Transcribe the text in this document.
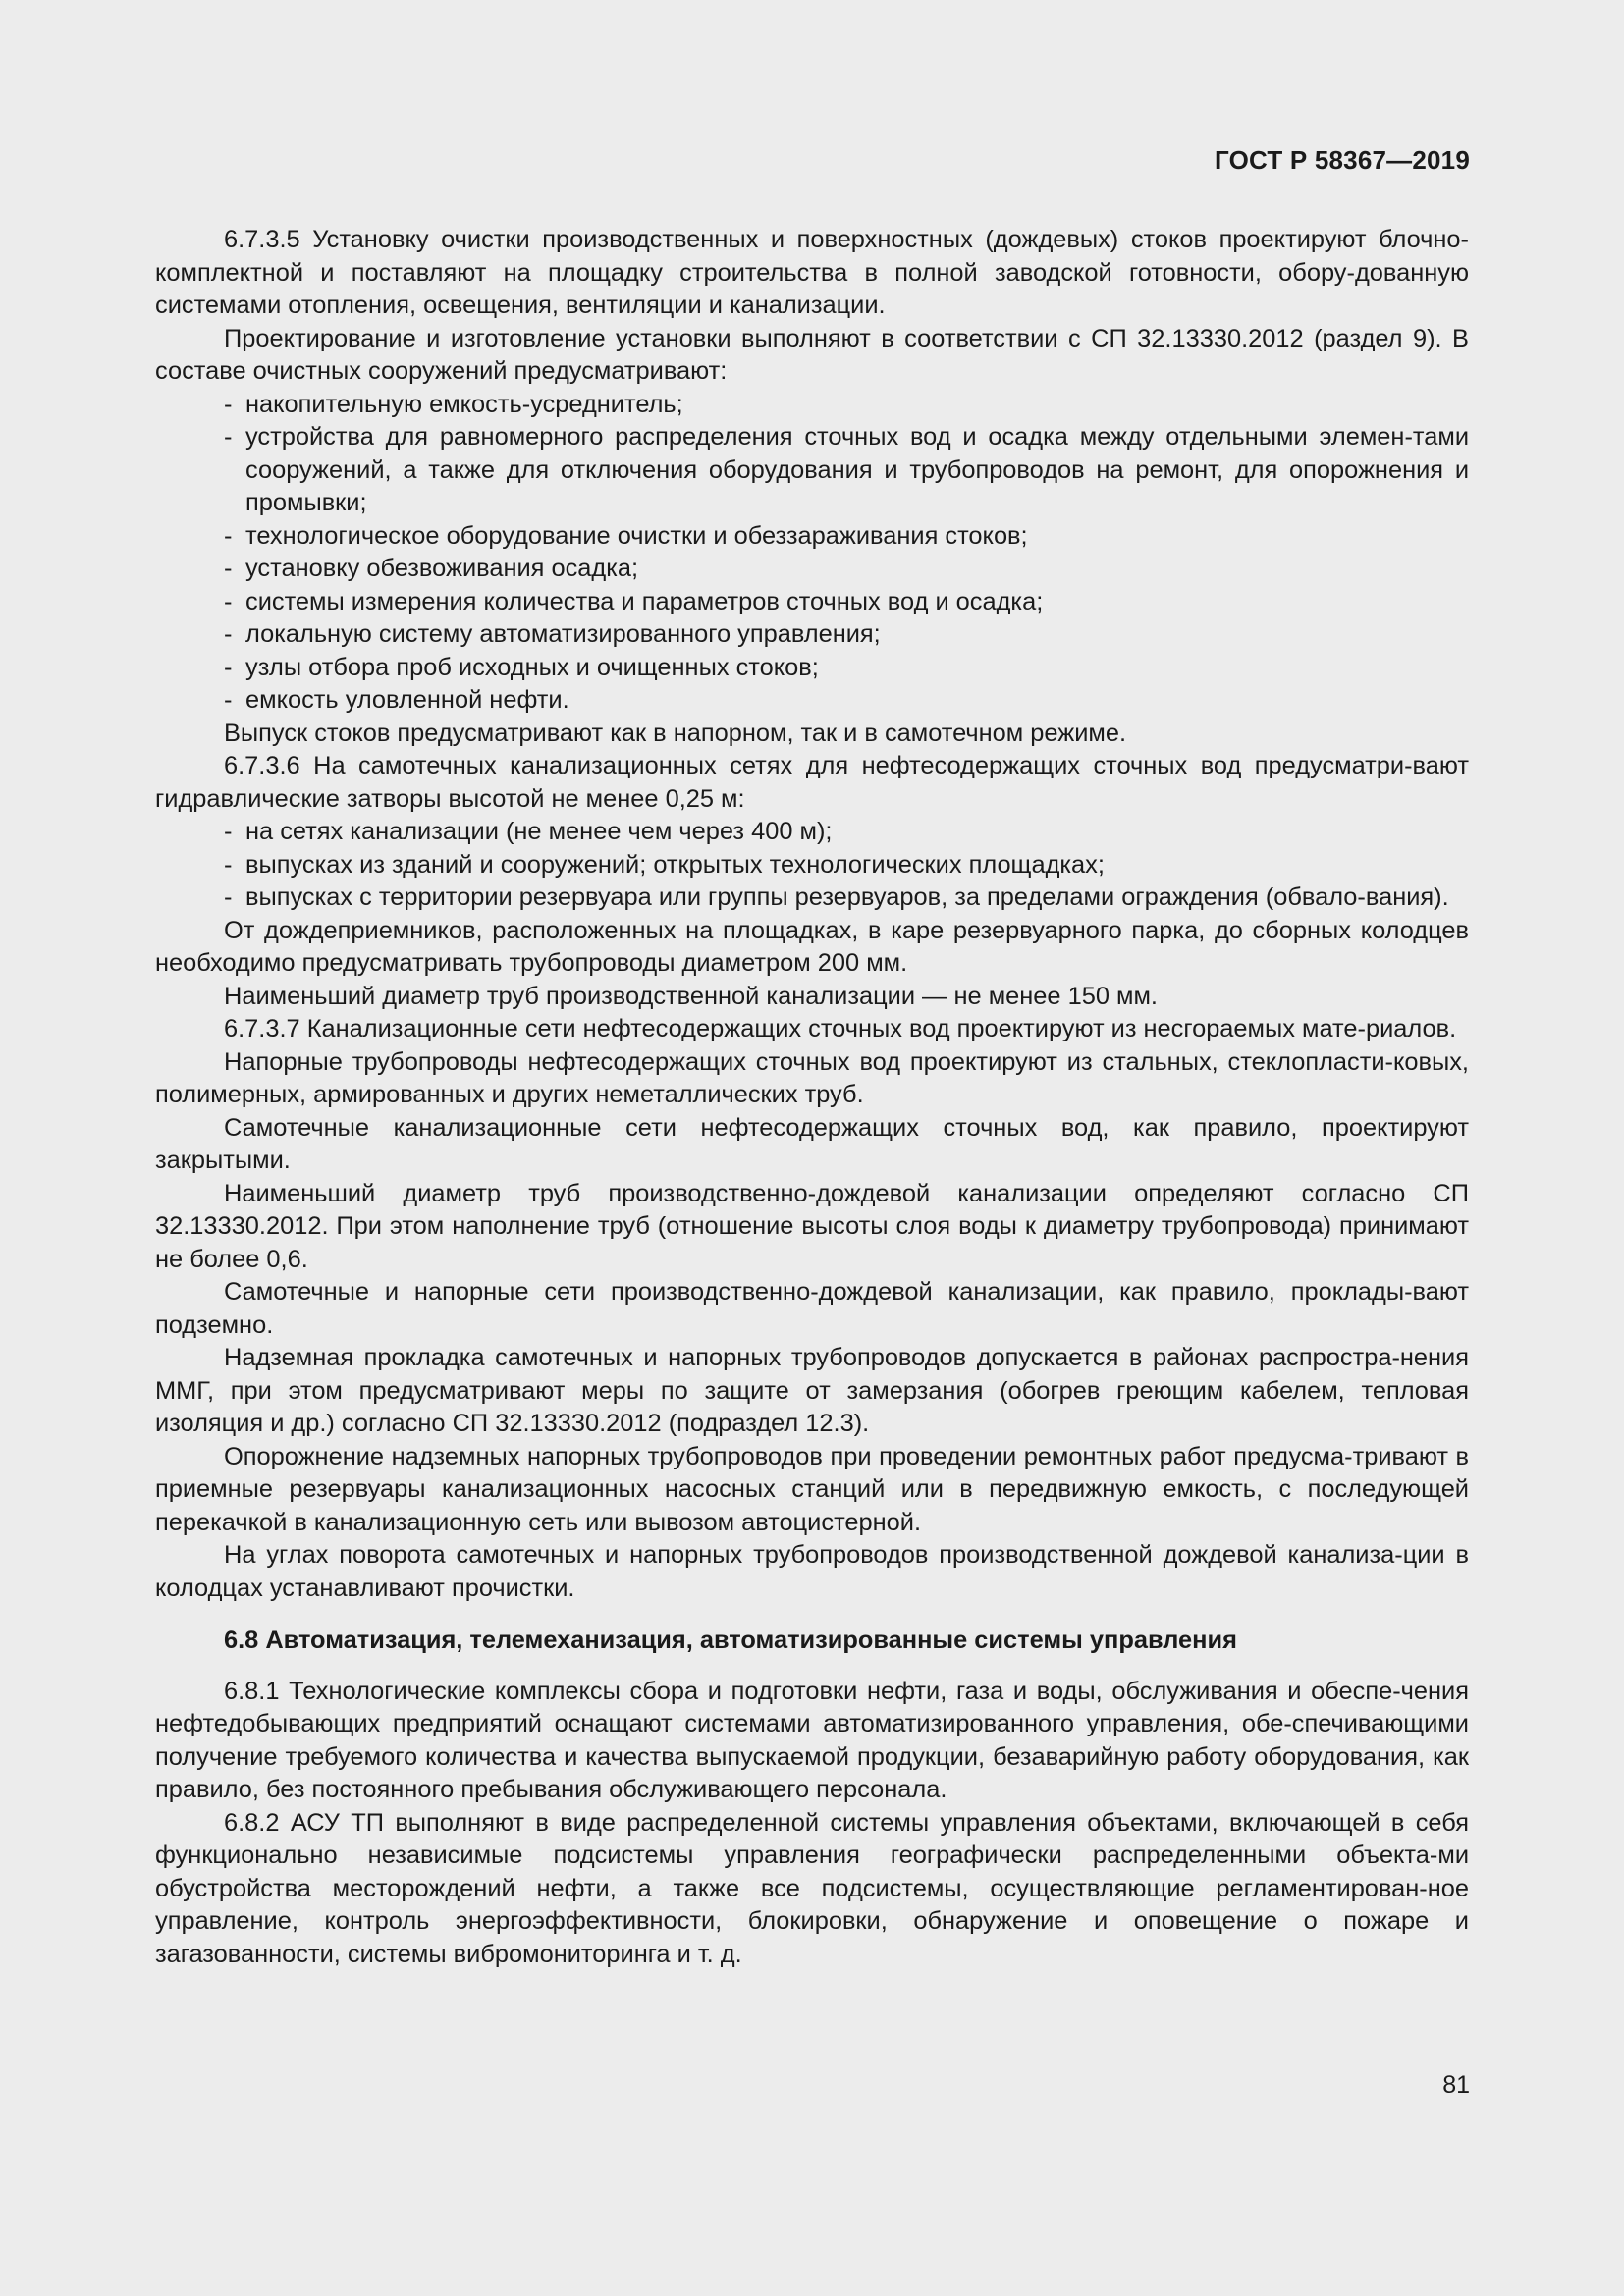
ГОСТ Р 58367—2019

6.7.3.5 Установку очистки производственных и поверхностных (дождевых) стоков проектируют блочно-комплектной и поставляют на площадку строительства в полной заводской готовности, обору-дованную системами отопления, освещения, вентиляции и канализации.

Проектирование и изготовление установки выполняют в соответствии с СП 32.13330.2012 (раздел 9). В составе очистных сооружений предусматривают:

- накопительную емкость-усреднитель;

- устройства для равномерного распределения сточных вод и осадка между отдельными элемен-тами сооружений, а также для отключения оборудования и трубопроводов на ремонт, для опорожнения и промывки;

- технологическое оборудование очистки и обеззараживания стоков;

- установку обезвоживания осадка;

- системы измерения количества и параметров сточных вод и осадка;

- локальную систему автоматизированного управления;

- узлы отбора проб исходных и очищенных стоков;

- емкость уловленной нефти.

Выпуск стоков предусматривают как в напорном, так и в самотечном режиме.

6.7.3.6 На самотечных канализационных сетях для нефтесодержащих сточных вод предусматри-вают гидравлические затворы высотой не менее 0,25 м:

- на сетях канализации (не менее чем через 400 м);

- выпусках из зданий и сооружений; открытых технологических площадках;

- выпусках с территории резервуара или группы резервуаров, за пределами ограждения (обвало-вания).

От дождеприемников, расположенных на площадках, в каре резервуарного парка, до сборных колодцев необходимо предусматривать трубопроводы диаметром 200 мм.

Наименьший диаметр труб производственной канализации — не менее 150 мм.

6.7.3.7 Канализационные сети нефтесодержащих сточных вод проектируют из несгораемых мате-риалов.

Напорные трубопроводы нефтесодержащих сточных вод проектируют из стальных, стеклопласти-ковых, полимерных, армированных и других неметаллических труб.

Самотечные канализационные сети нефтесодержащих сточных вод, как правило, проектируют закрытыми.

Наименьший диаметр труб производственно-дождевой канализации определяют согласно СП 32.13330.2012. При этом наполнение труб (отношение высоты слоя воды к диаметру трубопровода) принимают не более 0,6.

Самотечные и напорные сети производственно-дождевой канализации, как правило, проклады-вают подземно.

Надземная прокладка самотечных и напорных трубопроводов допускается в районах распростра-нения ММГ, при этом предусматривают меры по защите от замерзания (обогрев греющим кабелем, тепловая изоляция и др.) согласно СП 32.13330.2012 (подраздел 12.3).

Опорожнение надземных напорных трубопроводов при проведении ремонтных работ предусма-тривают в приемные резервуары канализационных насосных станций или в передвижную емкость, с последующей перекачкой в канализационную сеть или вывозом автоцистерной.

На углах поворота самотечных и напорных трубопроводов производственной дождевой канализа-ции в колодцах устанавливают прочистки.

6.8 Автоматизация, телемеханизация, автоматизированные системы управления

6.8.1 Технологические комплексы сбора и подготовки нефти, газа и воды, обслуживания и обеспе-чения нефтедобывающих предприятий оснащают системами автоматизированного управления, обе-спечивающими получение требуемого количества и качества выпускаемой продукции, безаварийную работу оборудования, как правило, без постоянного пребывания обслуживающего персонала.

6.8.2 АСУ ТП выполняют в виде распределенной системы управления объектами, включающей в себя функционально независимые подсистемы управления географически распределенными объекта-ми обустройства месторождений нефти, а также все подсистемы, осуществляющие регламентирован-ное управление, контроль энергоэффективности, блокировки, обнаружение и оповещение о пожаре и загазованности, системы вибромониторинга и т. д.

81
